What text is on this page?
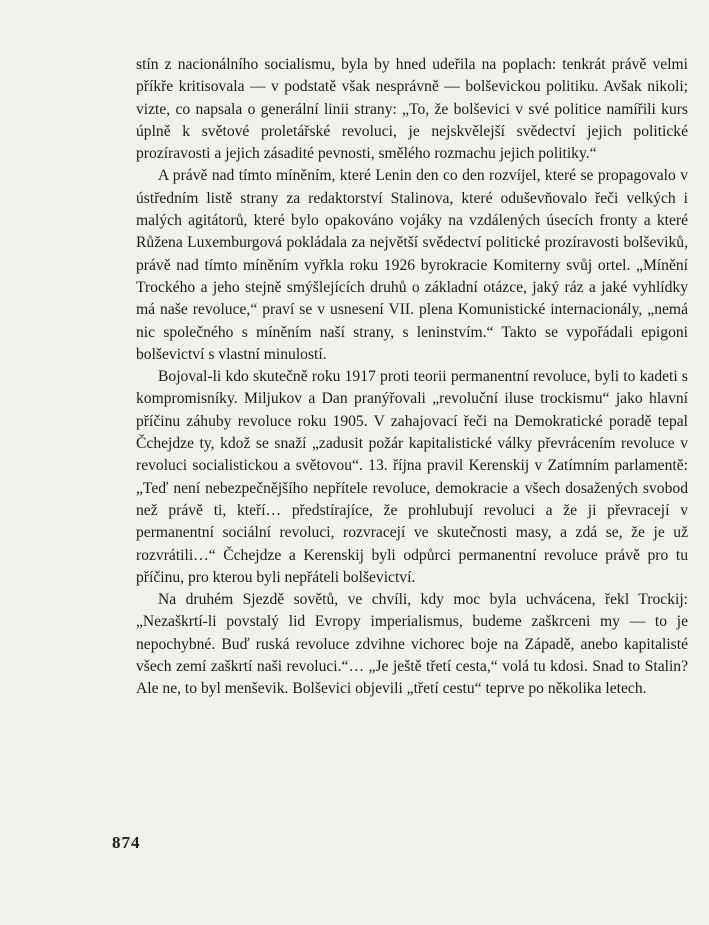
stín z nacionálního socialismu, byla by hned udeřila na poplach: tenkrát právě velmi příkře kritisovala — v podstatě však nesprávně — bolševickou politiku. Avšak nikoli; vizte, co napsala o generální linii strany: „To, že bolševici v své politice namířili kurs úplně k světové proletářské revoluci, je nejskvělejší svědectví jejich politické prozíravosti a jejich zásadité pevnosti, smělého rozmachu jejich politiky.“

A právě nad tímto míněním, které Lenin den co den rozvíjel, které se propagovalo v ústředním listě strany za redaktorství Stalinova, které oduševňovalo řeči velkých i malých agitátorů, které bylo opakováno vojáky na vzdálených úsecích fronty a které Růžena Luxemburgová pokládala za největší svědectví politické prozíravosti bolševiků, právě nad tímto míněním vyřkla roku 1926 byrokracie Komiterny svůj ortel. „Mínění Trockého a jeho stejně smýšlejících druhů o základní otázce, jaký ráz a jaké vyhlídky má naše revoluce,“ praví se v usnesení VII. plena Komunistické internacionály, „nemá nic společného s míněním naší strany, s leninstvím.“ Takto se vypořádali epigoni bolševictví s vlastní minulostí.

Bojoval-li kdo skutečně roku 1917 proti teorii permanentní revoluce, byli to kadeti s kompromisníky. Miljukov a Dan pranýřovali „revoluční iluse trockismu“ jako hlavní příčinu záhuby revoluce roku 1905. V zahajovací řeči na Demokratické poradě tepal Čchejdze ty, kdož se snaží „zadusit požár kapitalistické války převrácením revoluce v revoluci socialistickou a světovou“. 13. října pravil Kerenskij v Zatímním parlamentě: „Teď není nebezpečnějšího nepřítele revoluce, demokracie a všech dosažených svobod než právě ti, kteří… předstírajíce, že prohlubují revoluci a že ji převracejí v permanentní sociální revoluci, rozvracejí ve skutečnosti masy, a zdá se, že je už rozvrátili…“ Čchejdze a Kerenskij byli odpůrci permanentní revoluce právě pro tu příčinu, pro kterou byli nepřáteli bolševictví.

Na druhém Sjezdě sovětů, ve chvíli, kdy moc byla uchvácena, řekl Trockij: „Nezaškrtí-li povstalý lid Evropy imperialismus, budeme zaškrceni my — to je nepochybné. Buď ruská revoluce zdvihne vichorec boje na Západě, anebo kapitalisté všech zemí zaškrtí naši revoluci.“… „Je ještě třetí cesta,“ volá tu kdosi. Snad to Stalin? Ale ne, to byl menševik. Bolševici objevili „třetí cestu“ teprve po několika letech.

874
